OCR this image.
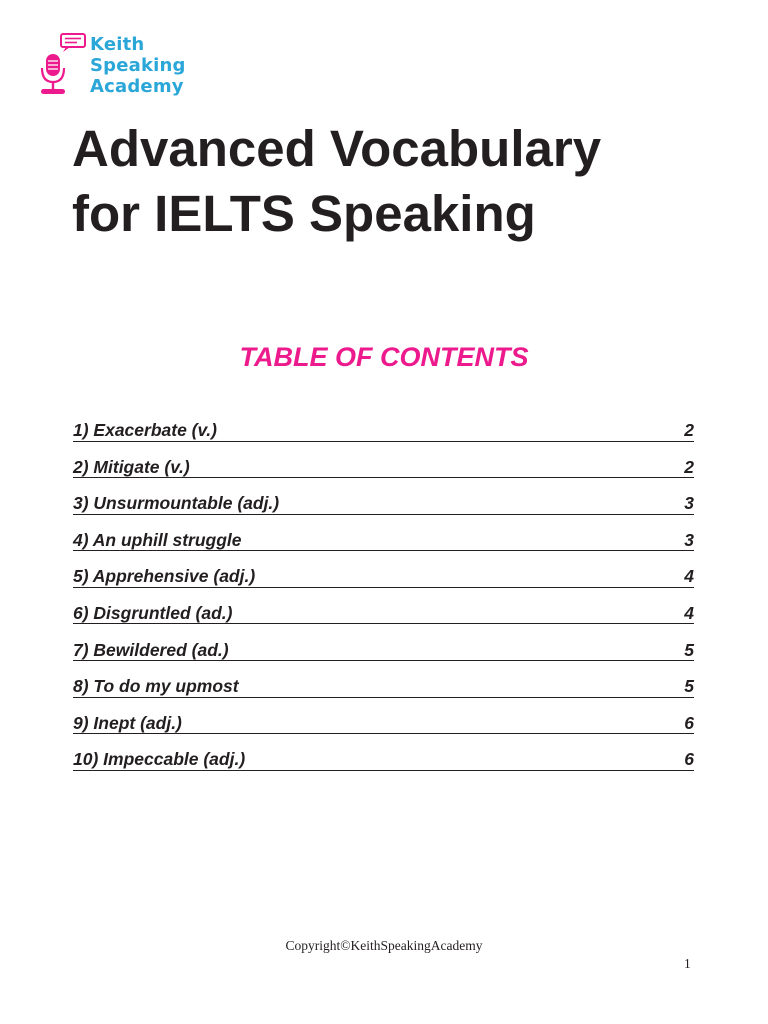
Keith
Speaking
Academy
Advanced Vocabulary
for IELTS Speaking
TABLE OF CONTENTS
1) Exacerbate (v.)	2
2) Mitigate (v.)	2
3) Unsurmountable (adj.)	3
4) An uphill struggle	3
5) Apprehensive (adj.)	4
6) Disgruntled (ad.)	4
7) Bewildered (ad.)	5
8) To do my upmost	5
9) Inept (adj.)	6
10) Impeccable (adj.)	6
Copyright©KeithSpeakingAcademy
1
